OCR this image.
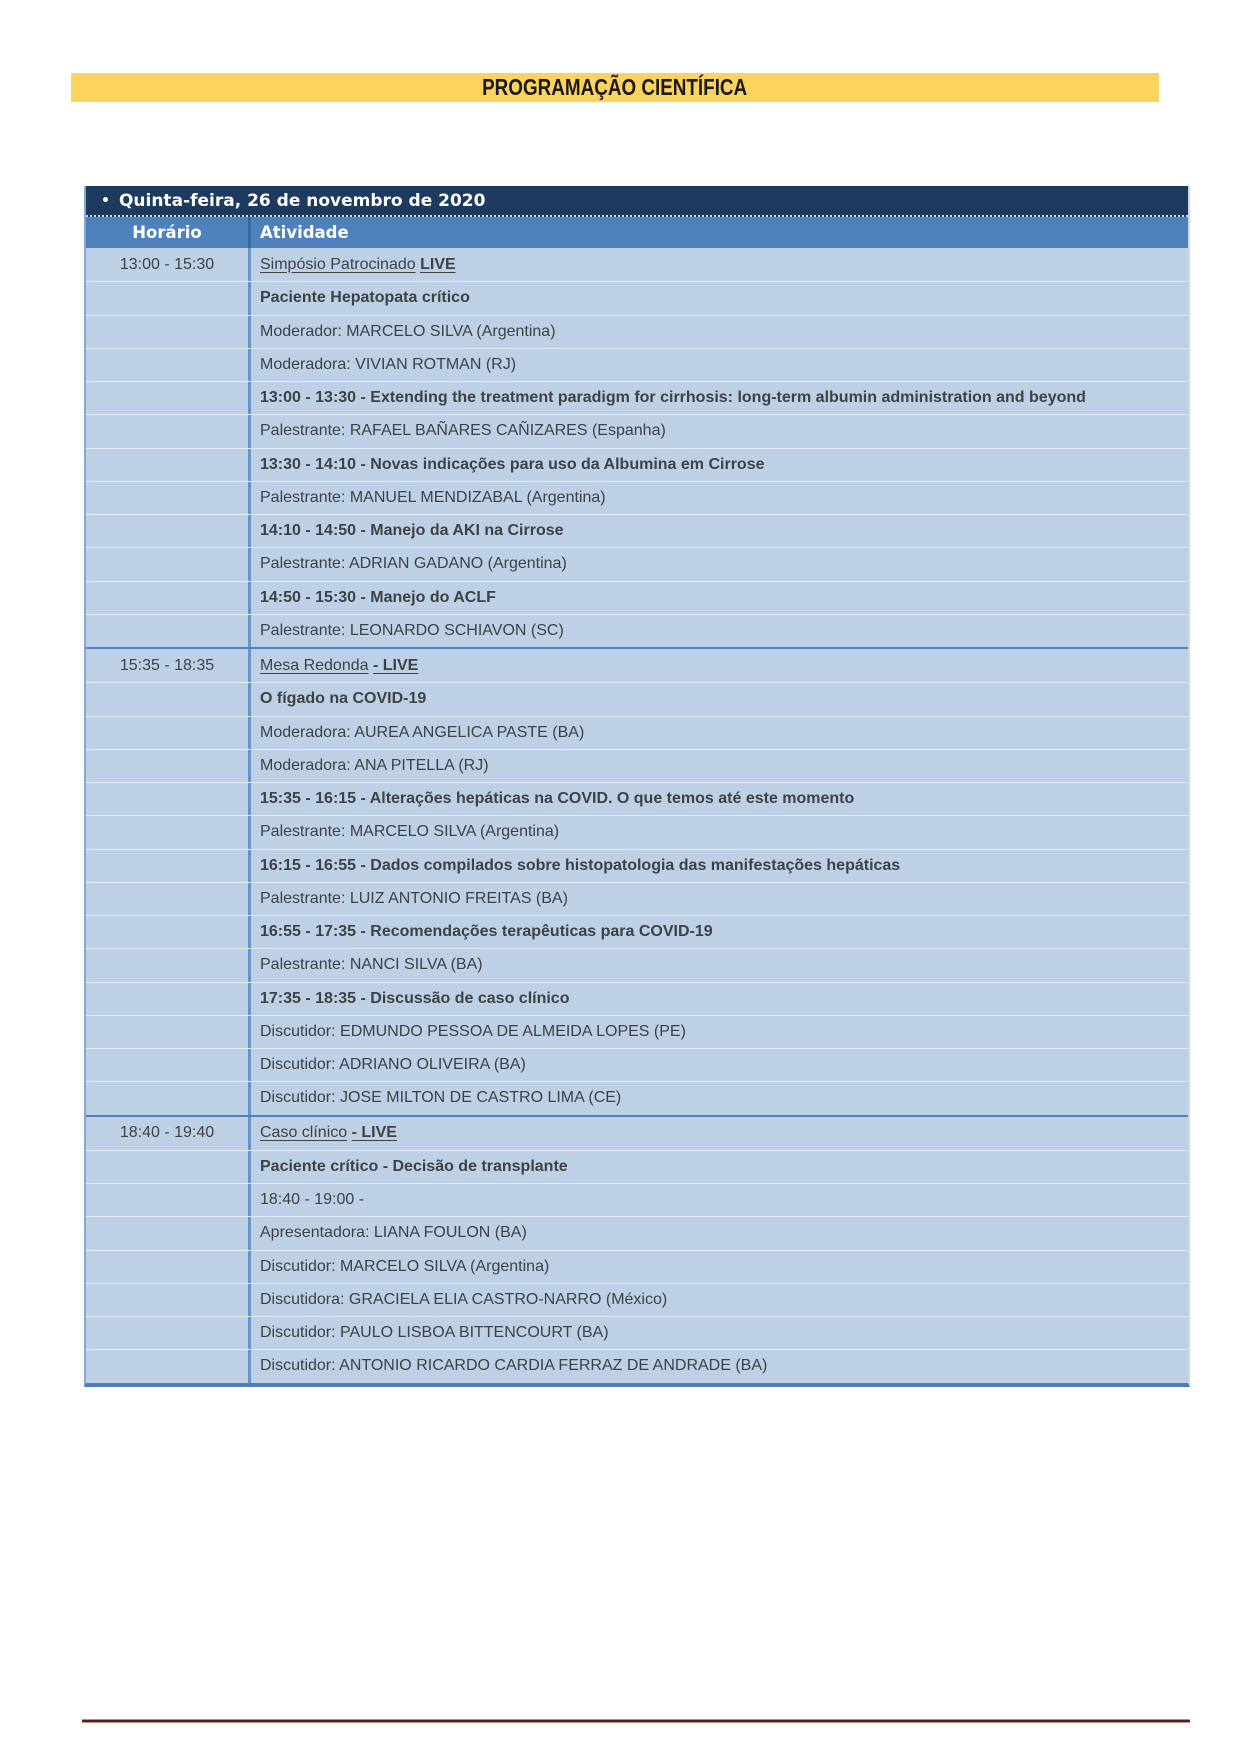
PROGRAMAÇÃO CIENTÍFICA
• Quinta-feira, 26 de novembro de 2020
Horário	Atividade
13:00 - 15:30	Simpósio Patrocinado LIVE
Paciente Hepatopata crítico
Moderador: MARCELO SILVA (Argentina)
Moderadora: VIVIAN ROTMAN (RJ)
13:00 - 13:30 - Extending the treatment paradigm for cirrhosis: long-term albumin administration and beyond
Palestrante: RAFAEL BAÑARES CAÑIZARES (Espanha)
13:30 - 14:10 - Novas indicações para uso da Albumina em Cirrose
Palestrante: MANUEL MENDIZABAL (Argentina)
14:10 - 14:50 - Manejo da AKI na Cirrose
Palestrante: ADRIAN GADANO (Argentina)
14:50 - 15:30 - Manejo do ACLF
Palestrante: LEONARDO SCHIAVON (SC)
15:35 - 18:35	Mesa Redonda - LIVE
O fígado na COVID-19
Moderadora: AUREA ANGELICA PASTE (BA)
Moderadora: ANA PITELLA (RJ)
15:35 - 16:15 - Alterações hepáticas na COVID. O que temos até este momento
Palestrante: MARCELO SILVA (Argentina)
16:15 - 16:55 - Dados compilados sobre histopatologia das manifestações hepáticas
Palestrante: LUIZ ANTONIO FREITAS (BA)
16:55 - 17:35 - Recomendações terapêuticas para COVID-19
Palestrante: NANCI SILVA (BA)
17:35 - 18:35 - Discussão de caso clínico
Discutidor: EDMUNDO PESSOA DE ALMEIDA LOPES (PE)
Discutidor: ADRIANO OLIVEIRA (BA)
Discutidor: JOSE MILTON DE CASTRO LIMA (CE)
18:40 - 19:40	Caso clínico - LIVE
Paciente crítico - Decisão de transplante
18:40 - 19:00 -
Apresentadora: LIANA FOULON (BA)
Discutidor: MARCELO SILVA (Argentina)
Discutidora: GRACIELA ELIA CASTRO-NARRO (México)
Discutidor: PAULO LISBOA BITTENCOURT (BA)
Discutidor: ANTONIO RICARDO CARDIA FERRAZ DE ANDRADE (BA)
